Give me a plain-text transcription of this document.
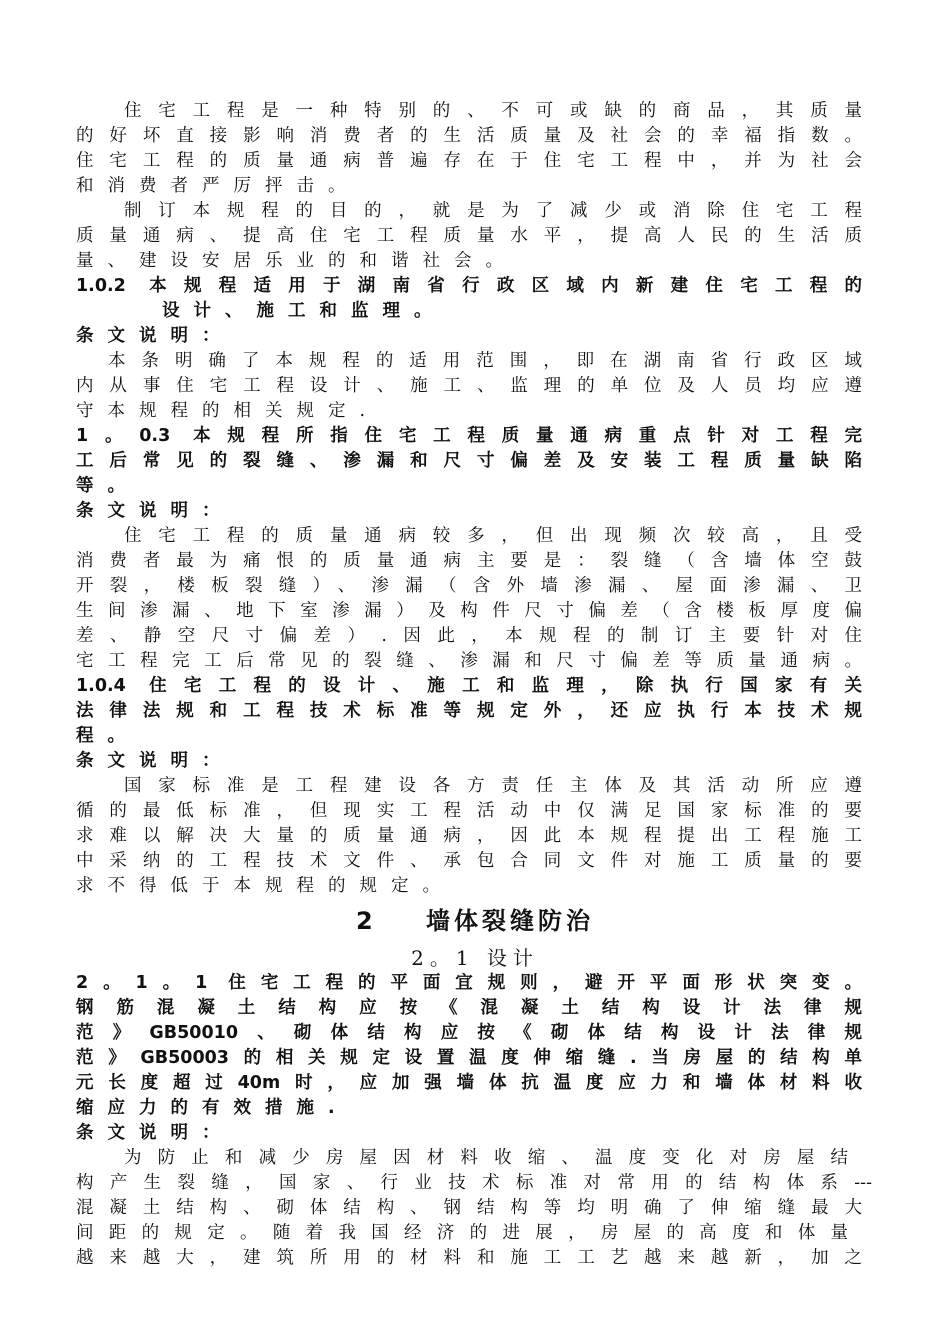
住宅工程是一种特别的、不可或缺的商品，其质量
的好坏直接影响消费者的生活质量及社会的幸福指数。
住宅工程的质量通病普遍存在于住宅工程中，并为社会
和消费者严厉抨击。
制订本规程的目的，就是为了减少或消除住宅工程
质量通病、提高住宅工程质量水平，提高人民的生活质
量、建设安居乐业的和谐社会。
1.0.2 本规程适用于湖南省行政区域内新建住宅工程的
设计、施工和监理。
条文说明：
本条明确了本规程的适用范围，即在湖南省行政区域
内从事住宅工程设计、施工、监理的单位及人员均应遵
守本规程的相关规定.
1。0.3 本规程所指住宅工程质量通病重点针对工程完
工后常见的裂缝、渗漏和尺寸偏差及安装工程质量缺陷
等。
条文说明：
住宅工程的质量通病较多，但出现频次较高，且受
消费者最为痛恨的质量通病主要是：裂缝（含墙体空鼓
开裂，楼板裂缝）、渗漏（含外墙渗漏、屋面渗漏、卫
生间渗漏、地下室渗漏）及构件尺寸偏差（含楼板厚度偏
差、静空尺寸偏差）.因此，本规程的制订主要针对住
宅工程完工后常见的裂缝、渗漏和尺寸偏差等质量通病。
1.0.4 住宅工程的设计、施工和监理，除执行国家有关
法律法规和工程技术标准等规定外，还应执行本技术规
程。
条文说明：
国家标准是工程建设各方责任主体及其活动所应遵
循的最低标准，但现实工程活动中仅满足国家标准的要
求难以解决大量的质量通病，因此本规程提出工程施工
中采纳的工程技术文件、承包合同文件对施工质量的要
求不得低于本规程的规定。
2    墙体裂缝防治
2。1 设计
2。1。1 住宅工程的平面宜规则，避开平面形状突变。
钢筋混凝土结构应按《混凝土结构设计法律规
范》GB50010、砌体结构应按《砌体结构设计法律规
范》GB50003的相关规定设置温度伸缩缝.当房屋的结构单
元长度超过40m时，应加强墙体抗温度应力和墙体材料收
缩应力的有效措施.
条文说明：
为防止和减少房屋因材料收缩、温度变化对房屋结
构产生裂缝，国家、行业技术标准对常用的结构体系---
混凝土结构、砌体结构、钢结构等均明确了伸缩缝最大
间距的规定。随着我国经济的进展，房屋的高度和体量
越来越大，建筑所用的材料和施工工艺越来越新，加之
